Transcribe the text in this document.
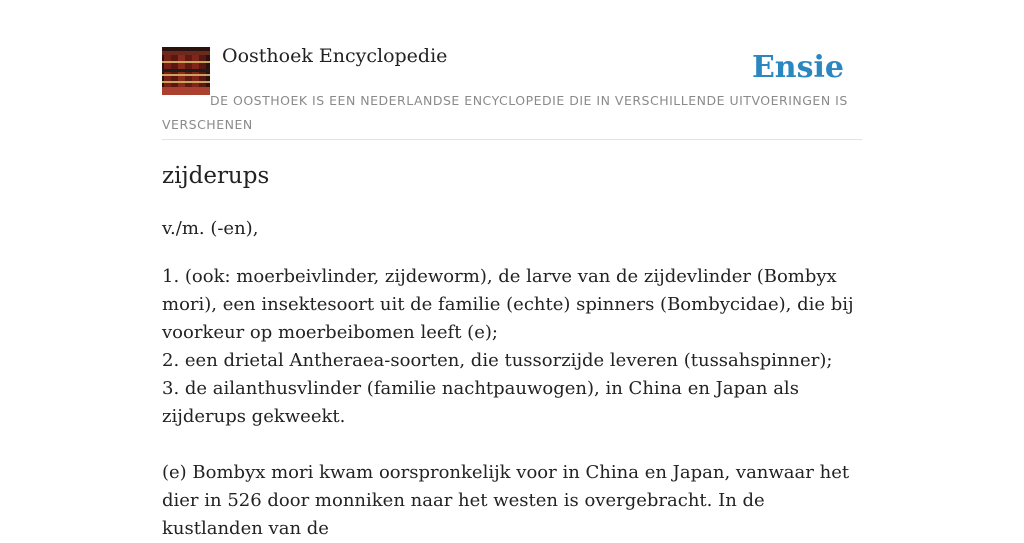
Oosthoek Encyclopedie	Ensie
DE OOSTHOEK IS EEN NEDERLANDSE ENCYCLOPEDIE DIE IN VERSCHILLENDE UITVOERINGEN IS VERSCHENEN
zijderups
v./m. (-en),

1. (ook: moerbeivlinder, zijdeworm), de larve van de zijdevlinder (Bombyx mori), een insektesoort uit de familie (echte) spinners (Bombycidae), die bij voorkeur op moerbeibomen leeft (e);

2. een drietal Antheraea-soorten, die tussorzijde leveren (tussahspinner);

3. de ailanthusvlinder (familie nachtpauwogen), in China en Japan als zijderups gekweekt.

(e) Bombyx mori kwam oorspronkelijk voor in China en Japan, vanwaar het dier in 526 door monniken naar het westen is overgebracht. In de kustlanden van de
